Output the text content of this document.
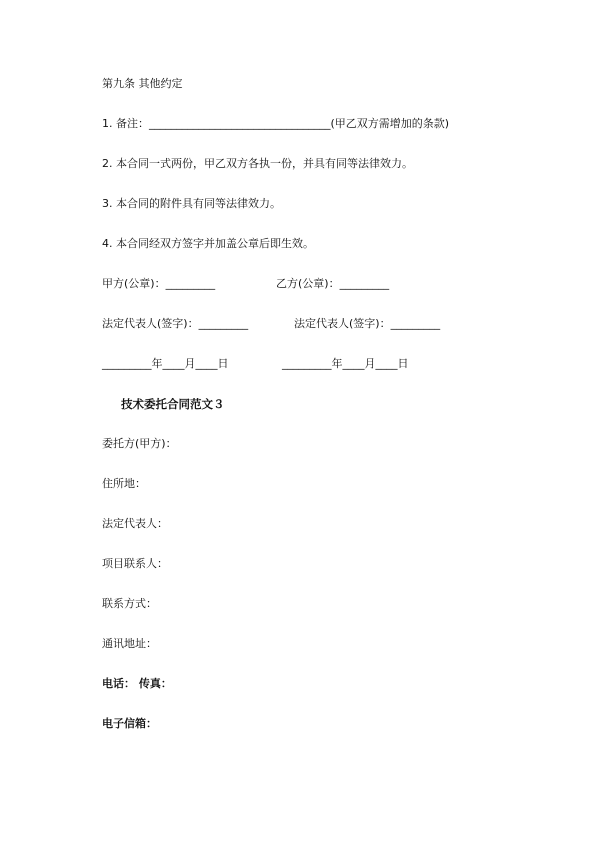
第九条 其他约定
1. 备注：_________________________________(甲乙双方需增加的条款)
2. 本合同一式两份，甲乙双方各执一份，并具有同等法律效力。
3. 本合同的附件具有同等法律效力。
4. 本合同经双方签字并加盖公章后即生效。
甲方(公章)：_________	乙方(公章)：_________
法定代表人(签字)：_________	法定代表人(签字)：_________
_________年____月____日	_________年____月____日
技术委托合同范文３
委托方(甲方)：
住所地：
法定代表人：
项目联系人：
联系方式：
通讯地址：
电话： 传真：
电子信箱：
